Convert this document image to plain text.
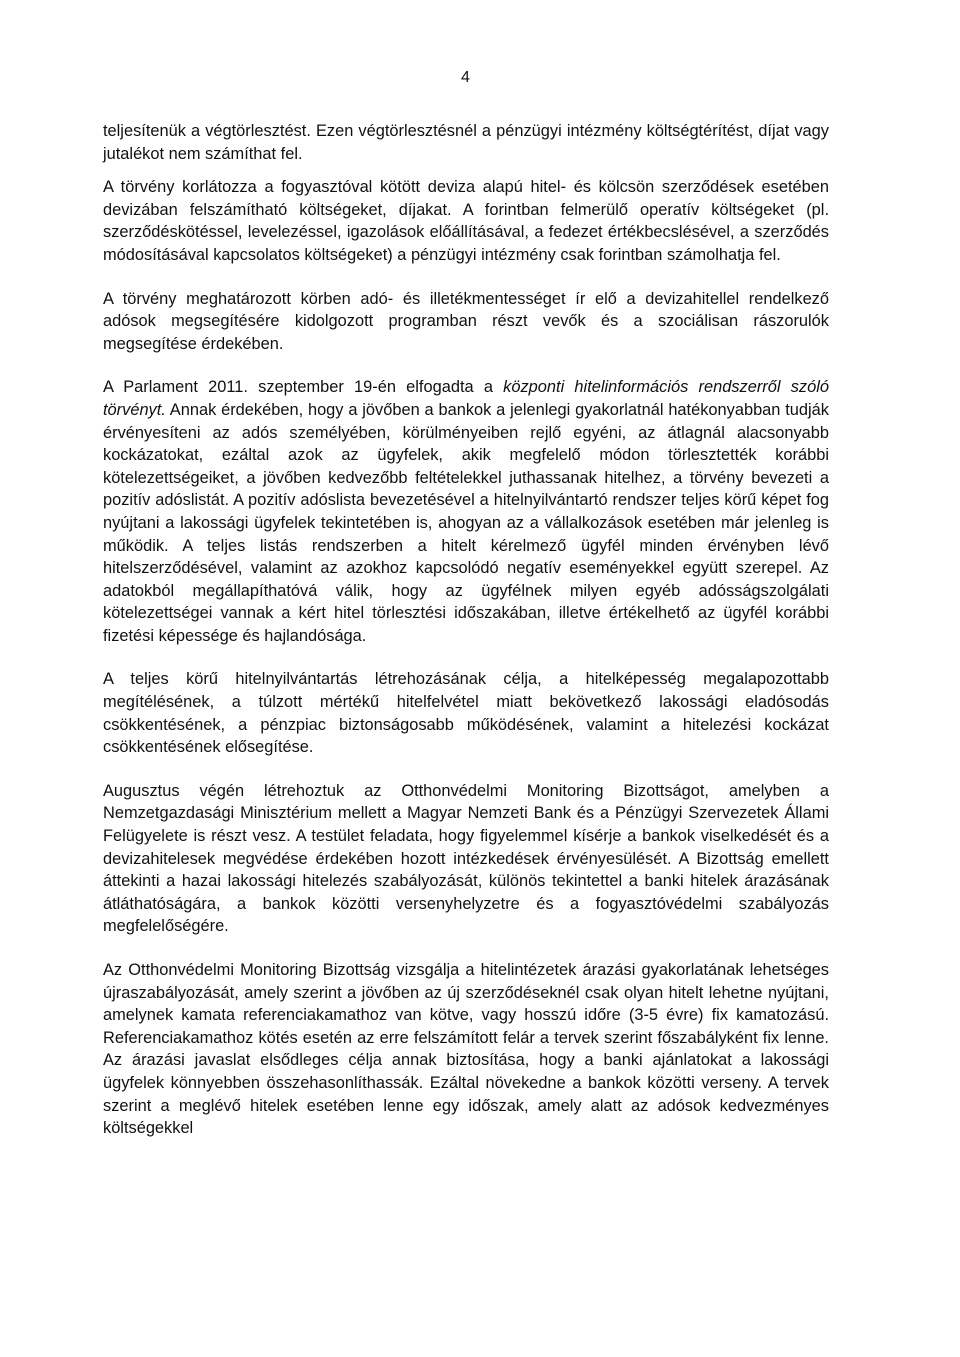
4

teljesítenük a végtörlesztést. Ezen végtörlesztésnél a pénzügyi intézmény költségtérítést, díjat vagy jutalékot nem számíthat fel.

A törvény korlátozza a fogyasztóval kötött deviza alapú hitel- és kölcsön szerződések esetében devizában felszámítható költségeket, díjakat. A forintban felmerülő operatív költségeket (pl. szerződéskötéssel, levelezéssel, igazolások előállításával, a fedezet értékbecslésével, a szerződés módosításával kapcsolatos költségeket) a pénzügyi intézmény csak forintban számolhatja fel.

A törvény meghatározott körben adó- és illetékmentességet ír elő a devizahitellel rendelkező adósok megsegítésére kidolgozott programban részt vevők és a szociálisan rászorulók megsegítése érdekében.

A Parlament 2011. szeptember 19-én elfogadta a központi hitelinformációs rendszerről szóló törvényt. Annak érdekében, hogy a jövőben a bankok a jelenlegi gyakorlatnál hatékonyabban tudják érvényesíteni az adós személyében, körülményeiben rejlő egyéni, az átlagnál alacsonyabb kockázatokat, ezáltal azok az ügyfelek, akik megfelelő módon törlesztették korábbi kötelezettségeiket, a jövőben kedvezőbb feltételekkel juthassanak hitelhez, a törvény bevezeti a pozitív adóslistát. A pozitív adóslista bevezetésével a hitelnyilvántartó rendszer teljes körű képet fog nyújtani a lakossági ügyfelek tekintetében is, ahogyan az a vállalkozások esetében már jelenleg is működik. A teljes listás rendszerben a hitelt kérelmező ügyfél minden érvényben lévő hitelszerződésével, valamint az azokhoz kapcsolódó negatív eseményekkel együtt szerepel. Az adatokból megállapíthatóvá válik, hogy az ügyfélnek milyen egyéb adósságszolgálati kötelezettségei vannak a kért hitel törlesztési időszakában, illetve értékelhető az ügyfél korábbi fizetési képessége és hajlandósága.

A teljes körű hitelnyilvántartás létrehozásának célja, a hitelképesség megalapozottabb megítélésének, a túlzott mértékű hitelfelvétel miatt bekövetkező lakossági eladósodás csökkentésének, a pénzpiac biztonságosabb működésének, valamint a hitelezési kockázat csökkentésének elősegítése.

Augusztus végén létrehoztuk az Otthonvédelmi Monitoring Bizottságot, amelyben a Nemzetgazdasági Minisztérium mellett a Magyar Nemzeti Bank és a Pénzügyi Szervezetek Állami Felügyelete is részt vesz. A testület feladata, hogy figyelemmel kísérje a bankok viselkedését és a devizahitelesek megvédése érdekében hozott intézkedések érvényesülését. A Bizottság emellett áttekinti a hazai lakossági hitelezés szabályozását, különös tekintettel a banki hitelek árazásának átláthatóságára, a bankok közötti versenyhelyzetre és a fogyasztóvédelmi szabályozás megfelelőségére.

Az Otthonvédelmi Monitoring Bizottság vizsgálja a hitelintézetek árazási gyakorlatának lehetséges újraszabályozását, amely szerint a jövőben az új szerződéseknél csak olyan hitelt lehetne nyújtani, amelynek kamata referenciakamathoz van kötve, vagy hosszú időre (3-5 évre) fix kamatozású. Referenciakamathoz kötés esetén az erre felszámított felár a tervek szerint főszabályként fix lenne. Az árazási javaslat elsődleges célja annak biztosítása, hogy a banki ajánlatokat a lakossági ügyfelek könnyebben összehasonlíthassák. Ezáltal növekedne a bankok közötti verseny. A tervek szerint a meglévő hitelek esetében lenne egy időszak, amely alatt az adósok kedvezményes költségekkel
